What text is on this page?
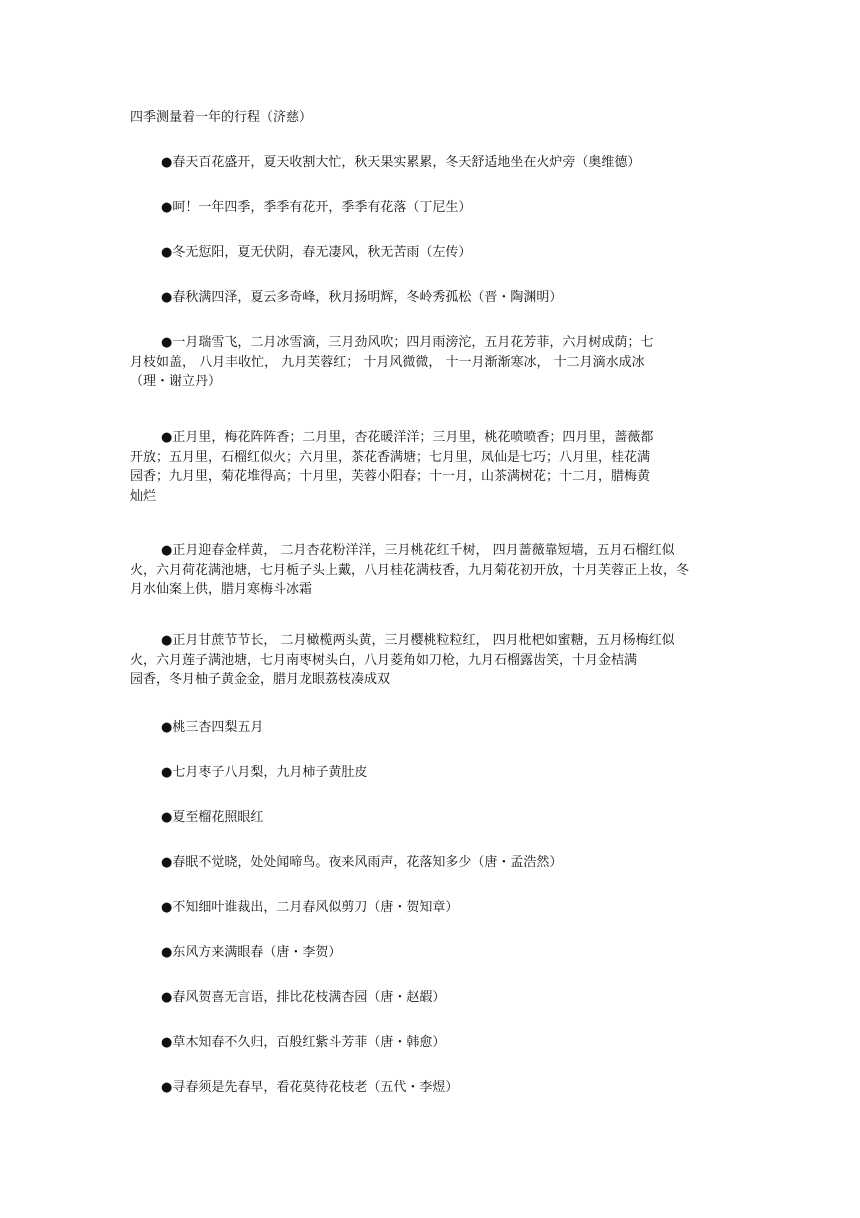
四季测量着一年的行程（济慈）
●春天百花盛开，夏天收割大忙，秋天果实累累，冬天舒适地坐在火炉旁（奥维德）
●呵！一年四季，季季有花开，季季有花落（丁尼生）
●冬无愆阳，夏无伏阴，春无凄风，秋无苦雨（左传）
●春秋满四泽，夏云多奇峰，秋月扬明辉，冬岭秀孤松（晋・陶渊明）
●一月瑞雪飞，二月冰雪滴，三月劲风吹；四月雨滂沱，五月花芳菲，六月树成荫；七
月枝如盖， 八月丰收忙， 九月芙蓉红； 十月风微微， 十一月渐渐寒冰， 十二月滴水成冰
（理・谢立丹）
●正月里，梅花阵阵香；二月里，杏花暖洋洋；三月里，桃花喷喷香；四月里，蔷薇都
开放；五月里，石榴红似火；六月里，茶花香满塘；七月里，凤仙是七巧；八月里，桂花满
园香；九月里，菊花堆得高；十月里，芙蓉小阳春；十一月，山茶满树花；十二月，腊梅黄
灿烂
●正月迎春金样黄， 二月杏花粉洋洋，三月桃花红千树， 四月蔷薇靠短墙，五月石榴红似
火，六月荷花满池塘，七月栀子头上戴，八月桂花满枝香，九月菊花初开放，十月芙蓉正上妆，冬
月水仙案上供，腊月寒梅斗冰霜
●正月甘蔗节节长， 二月橄榄两头黄，三月樱桃粒粒红， 四月枇杷如蜜糖，五月杨梅红似
火，六月莲子满池塘，七月南枣树头白，八月菱角如刀枪，九月石榴露齿笑，十月金桔满
园香，冬月柚子黄金金，腊月龙眼荔枝凑成双
●桃三杏四梨五月
●七月枣子八月梨，九月柿子黄肚皮
●夏至榴花照眼红
●春眠不觉晓，处处闻啼鸟。夜来风雨声，花落知多少（唐・孟浩然）
●不知细叶谁裁出，二月春风似剪刀（唐・贺知章）
●东风方来满眼春（唐・李贺）
●春风贺喜无言语，排比花枝满杏园（唐・赵嘏）
●草木知春不久归，百般红紫斗芳菲（唐・韩愈）
●寻春须是先春早，看花莫待花枝老（五代・李煜）
